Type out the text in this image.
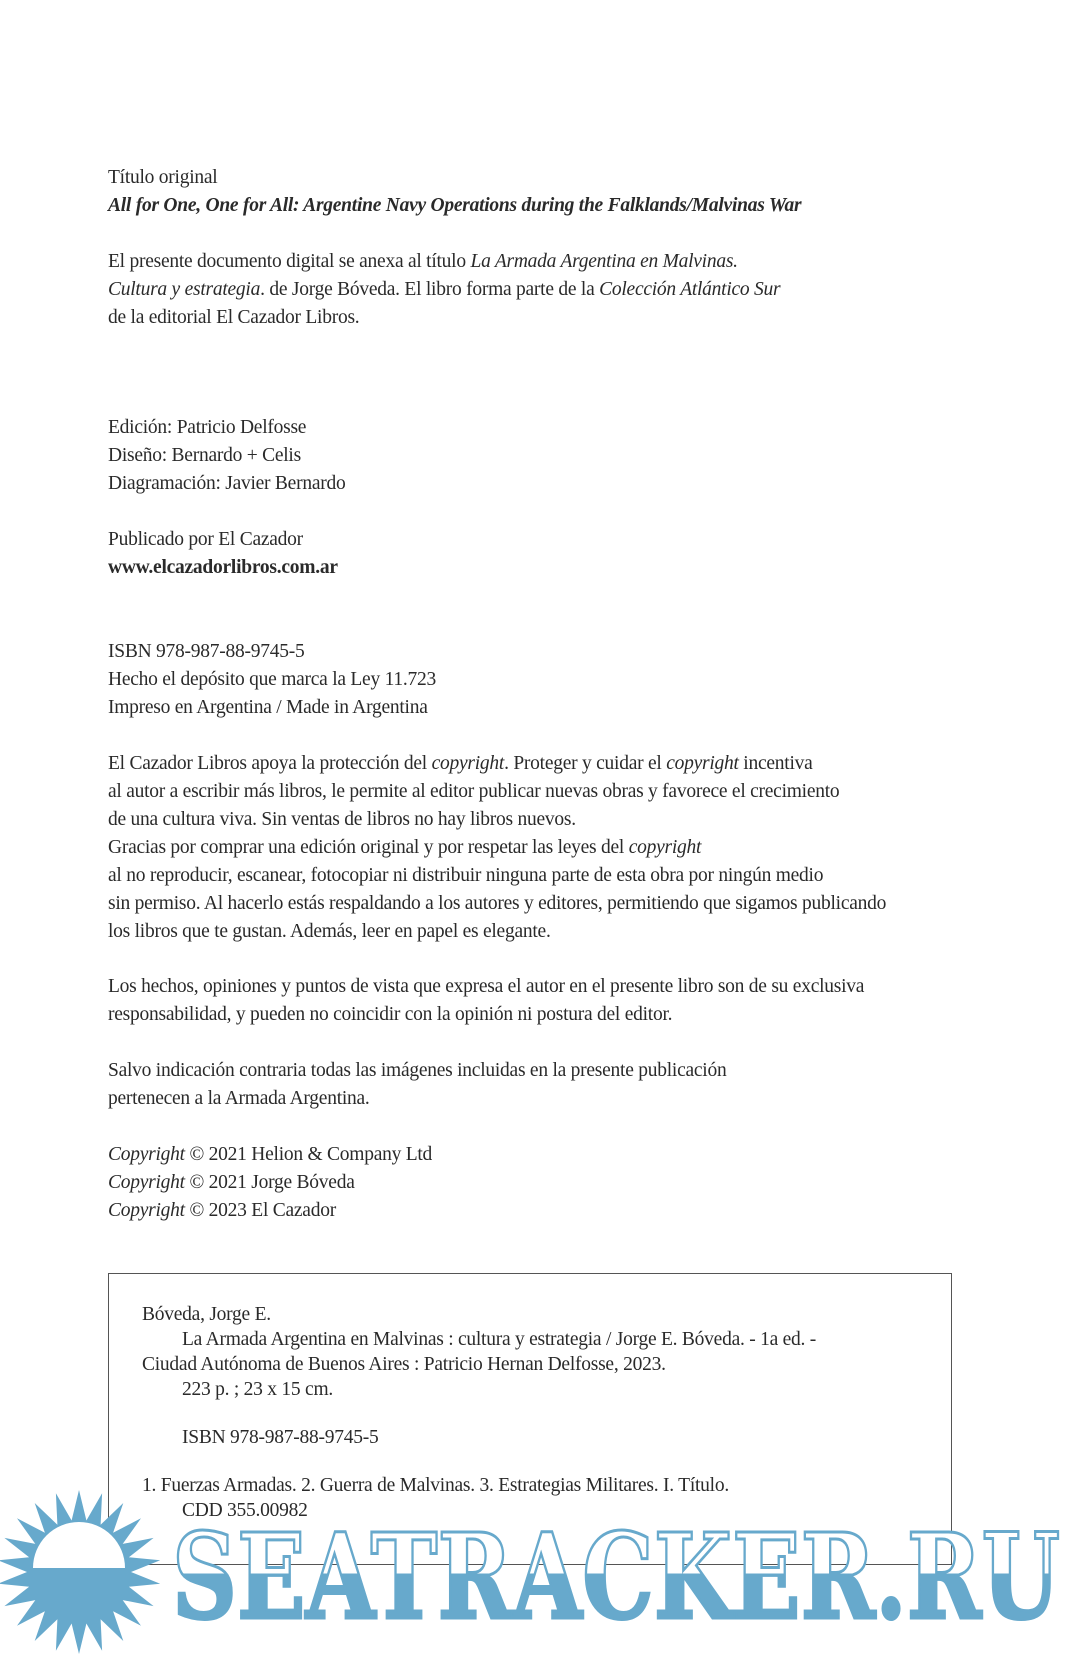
Título original
All for One, One for All: Argentine Navy Operations during the Falklands/Malvinas War
El presente documento digital se anexa al título La Armada Argentina en Malvinas.
Cultura y estrategia. de Jorge Bóveda. El libro forma parte de la Colección Atlántico Sur
de la editorial El Cazador Libros.
Edición: Patricio Delfosse
Diseño: Bernardo + Celis
Diagramación: Javier Bernardo
Publicado por El Cazador
www.elcazadorlibros.com.ar
ISBN 978-987-88-9745-5
Hecho el depósito que marca la Ley 11.723
Impreso en Argentina / Made in Argentina
El Cazador Libros apoya la protección del copyright. Proteger y cuidar el copyright incentiva
al autor a escribir más libros, le permite al editor publicar nuevas obras y favorece el crecimiento
de una cultura viva. Sin ventas de libros no hay libros nuevos.
Gracias por comprar una edición original y por respetar las leyes del copyright
al no reproducir, escanear, fotocopiar ni distribuir ninguna parte de esta obra por ningún medio
sin permiso. Al hacerlo estás respaldando a los autores y editores, permitiendo que sigamos publicando
los libros que te gustan. Además, leer en papel es elegante.
Los hechos, opiniones y puntos de vista que expresa el autor en el presente libro son de su exclusiva
responsabilidad, y pueden no coincidir con la opinión ni postura del editor.
Salvo indicación contraria todas las imágenes incluidas en la presente publicación
pertenecen a la Armada Argentina.
Copyright © 2021 Helion & Company Ltd
Copyright © 2021 Jorge Bóveda
Copyright © 2023 El Cazador
Bóveda, Jorge E.
La Armada Argentina en Malvinas : cultura y estrategia / Jorge E. Bóveda. - 1a ed. -
Ciudad Autónoma de Buenos Aires : Patricio Hernan Delfosse, 2023.
223 p. ; 23 x 15 cm.
ISBN 978-987-88-9745-5
1. Fuerzas Armadas. 2. Guerra de Malvinas. 3. Estrategias Militares. I. Título.
CDD 355.00982
SEATRACKER.RU
